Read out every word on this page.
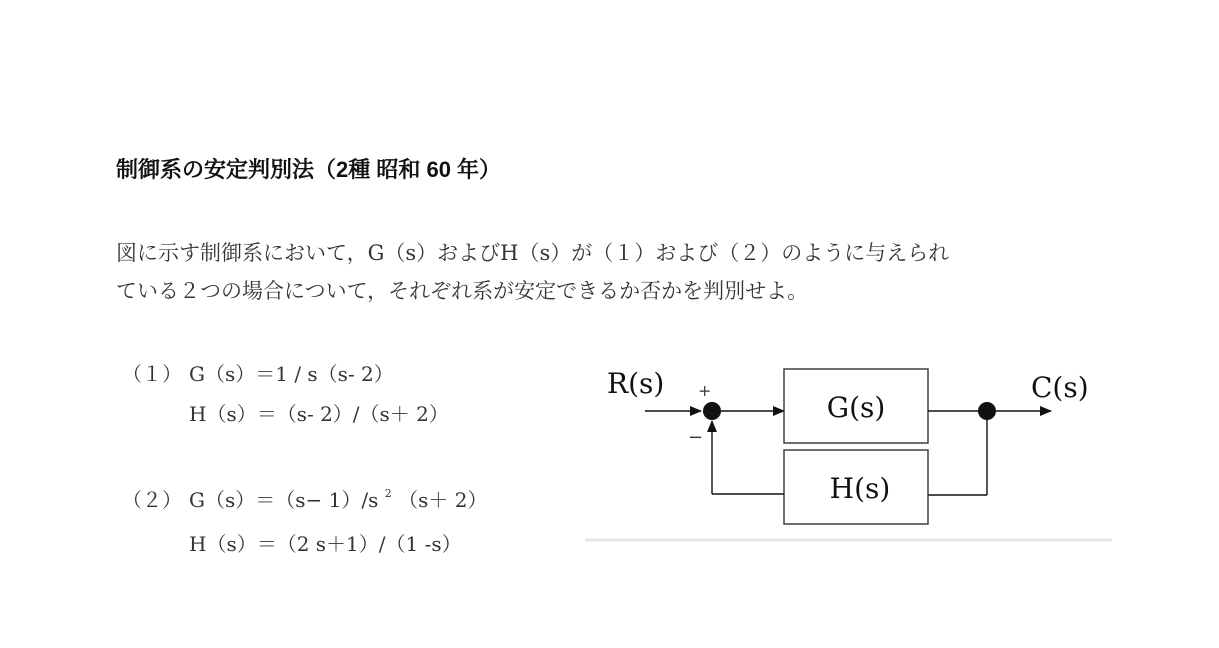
制御系の安定判別法（2種 昭和 60 年）
図に示す制御系において，G（s）およびH（s）が（１）および（２）のように与えられ
ている２つの場合について，それぞれ系が安定できるか否かを判別せよ。
（１） G（s）＝1 / s（s- 2）
H（s）＝（s- 2）/（s＋ 2）
（２） G（s）＝（s− 1）/s $^2$ （s＋ 2）
H（s）＝（2 s＋1）/（1 -s）
G(s)
H(s)
R(s)	C(s)
+
−
